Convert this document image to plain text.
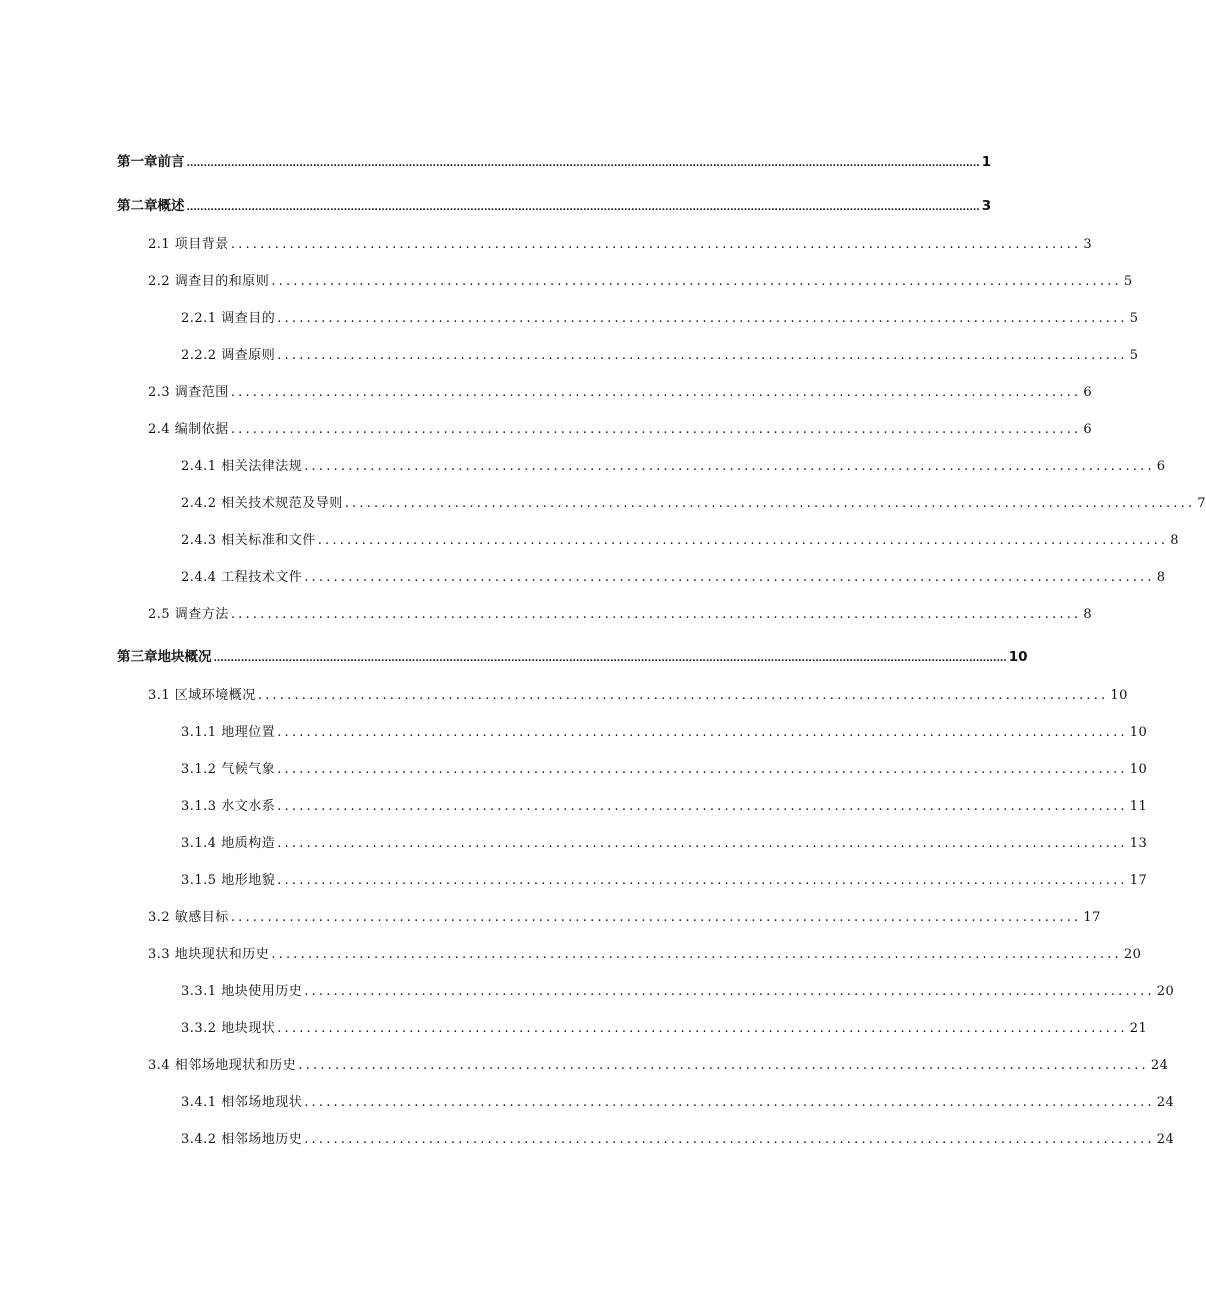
第一章前言 ........................................................................................................................................................................................................................................ 1
第二章概述 ........................................................................................................................................................................................................................................ 3
2.1 项目背景 .................................................................................................................... 3
2.2 调查目的和原则 .................................................................................................................... 5
2.2.1 调查目的 .................................................................................................................... 5
2.2.2 调查原则 .................................................................................................................... 5
2.3 调查范围 .................................................................................................................... 6
2.4 编制依据 .................................................................................................................... 6
2.4.1 相关法律法规 .................................................................................................................... 6
2.4.2 相关技术规范及导则 .................................................................................................................... 7
2.4.3 相关标准和文件 .................................................................................................................... 8
2.4.4 工程技术文件 .................................................................................................................... 8
2.5 调查方法 .................................................................................................................... 8
第三章地块概况 ........................................................................................................................................................................................................................................ 10
3.1 区域环境概况 .................................................................................................................... 10
3.1.1 地理位置 .................................................................................................................... 10
3.1.2 气候气象 .................................................................................................................... 10
3.1.3 水文水系 .................................................................................................................... 11
3.1.4 地质构造 .................................................................................................................... 13
3.1.5 地形地貌 .................................................................................................................... 17
3.2 敏感目标 .................................................................................................................... 17
3.3 地块现状和历史 .................................................................................................................... 20
3.3.1 地块使用历史 .................................................................................................................... 20
3.3.2 地块现状 .................................................................................................................... 21
3.4 相邻场地现状和历史 .................................................................................................................... 24
3.4.1 相邻场地现状 .................................................................................................................... 24
3.4.2 相邻场地历史 .................................................................................................................... 24
